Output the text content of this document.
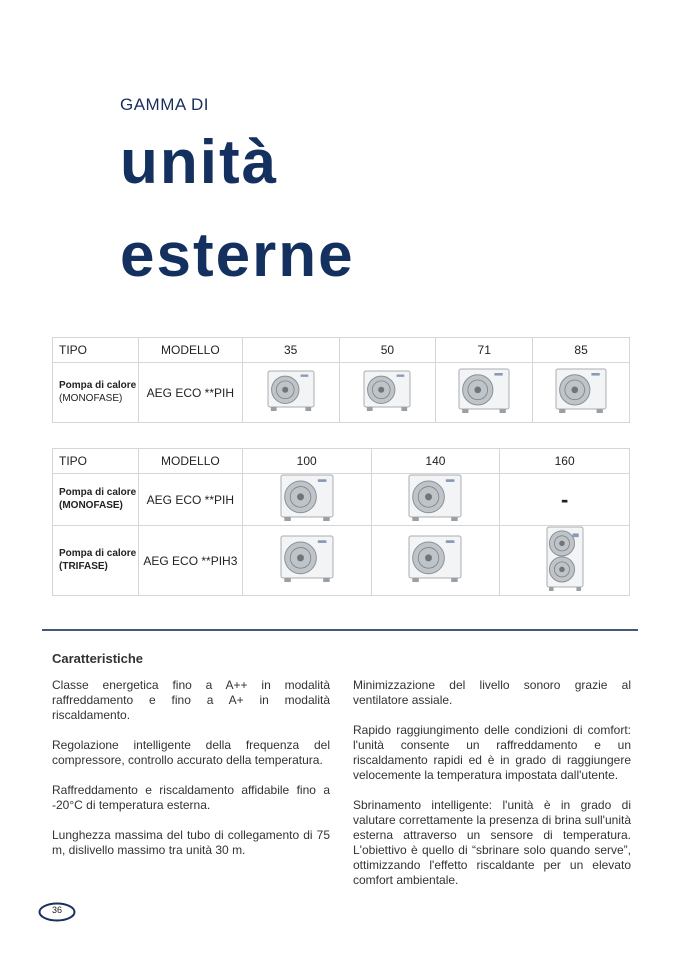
GAMMA DI
unità
esterne
TIPO	MODELLO	35	50	71	85
Pompa di calore
(MONOFASE)	AEG ECO **PIH				
TIPO	MODELLO	100	140	160
Pompa di calore
(MONOFASE)	AEG ECO **PIH			-
Pompa di calore
(TRIFASE)	AEG ECO **PIH3			
Caratteristiche

Classe energetica fino a A++ in modalità raffreddamento e fino a A+ in modalità riscaldamento.

Regolazione intelligente della frequenza del compressore, controllo accurato della temperatura.

Raffreddamento e riscaldamento affidabile fino a -20°C di temperatura esterna.

Lunghezza massima del tubo di collegamento di 75 m, dislivello massimo tra unità 30 m.

Minimizzazione del livello sonoro grazie al ventilatore assiale.

Rapido raggiungimento delle condizioni di comfort: l'unità consente un raffreddamento e un riscaldamento rapidi ed è in grado di raggiungere velocemente la temperatura impostata dall'utente.

Sbrinamento intelligente: l'unità è in grado di valutare correttamente la presenza di brina sull'unità esterna attraverso un sensore di temperatura. L'obiettivo è quello di “sbrinare solo quando serve”, ottimizzando l'effetto riscaldante per un elevato comfort ambientale.

36
